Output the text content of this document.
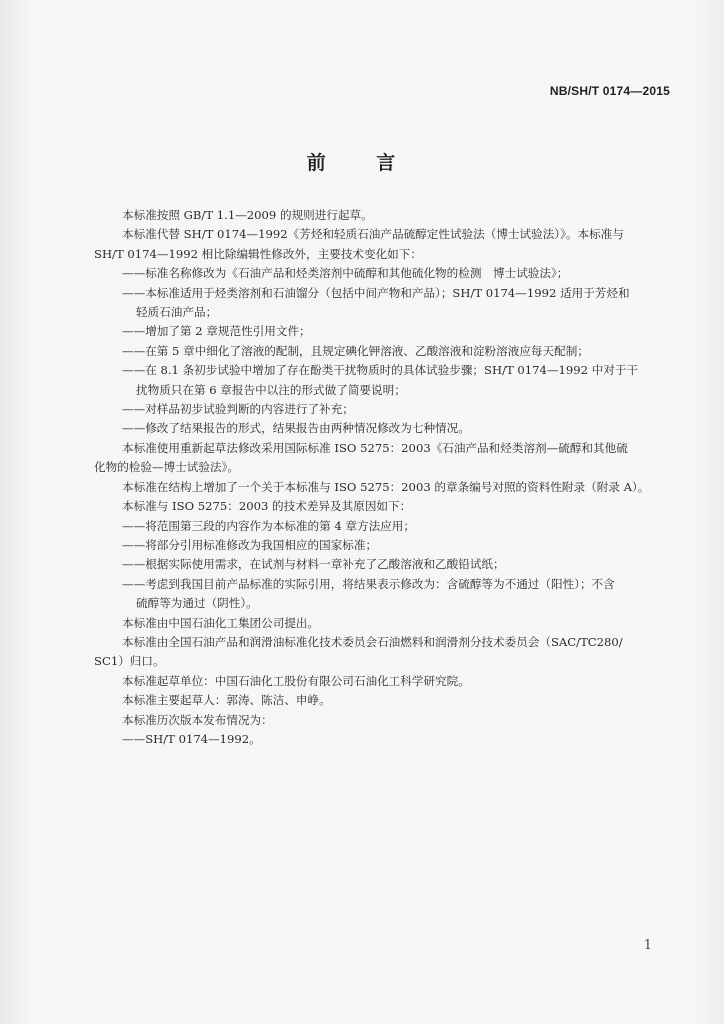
NB/SH/T 0174—2015
前 言
本标准按照 GB/T 1.1—2009 的规则进行起草。
本标准代替 SH/T 0174—1992《芳烃和轻质石油产品硫醇定性试验法（博士试验法）》。本标准与
SH/T 0174—1992 相比除编辑性修改外，主要技术变化如下：
——标准名称修改为《石油产品和烃类溶剂中硫醇和其他硫化物的检测　博士试验法》；
——本标准适用于烃类溶剂和石油馏分（包括中间产物和产品）；SH/T 0174—1992 适用于芳烃和
轻质石油产品；
——增加了第 2 章规范性引用文件；
——在第 5 章中细化了溶液的配制，且规定碘化钾溶液、乙酸溶液和淀粉溶液应每天配制；
——在 8.1 条初步试验中增加了存在酚类干扰物质时的具体试验步骤；SH/T 0174—1992 中对于干
扰物质只在第 6 章报告中以注的形式做了简要说明；
——对样品初步试验判断的内容进行了补充；
——修改了结果报告的形式，结果报告由两种情况修改为七种情况。
本标准使用重新起草法修改采用国际标准 ISO 5275：2003《石油产品和烃类溶剂—硫醇和其他硫
化物的检验—博士试验法》。
本标准在结构上增加了一个关于本标准与 ISO 5275：2003 的章条编号对照的资料性附录（附录 A）。
本标准与 ISO 5275：2003 的技术差异及其原因如下：
——将范围第三段的内容作为本标准的第 4 章方法应用；
——将部分引用标准修改为我国相应的国家标准；
——根据实际使用需求，在试剂与材料一章补充了乙酸溶液和乙酸铅试纸；
——考虑到我国目前产品标准的实际引用，将结果表示修改为：含硫醇等为不通过（阳性）；不含
硫醇等为通过（阴性）。
本标准由中国石油化工集团公司提出。
本标准由全国石油产品和润滑油标准化技术委员会石油燃料和润滑剂分技术委员会（SAC/TC280/
SC1）归口。
本标准起草单位：中国石油化工股份有限公司石油化工科学研究院。
本标准主要起草人：郭涛、陈洁、申峥。
本标准历次版本发布情况为：
——SH/T 0174—1992。
1
